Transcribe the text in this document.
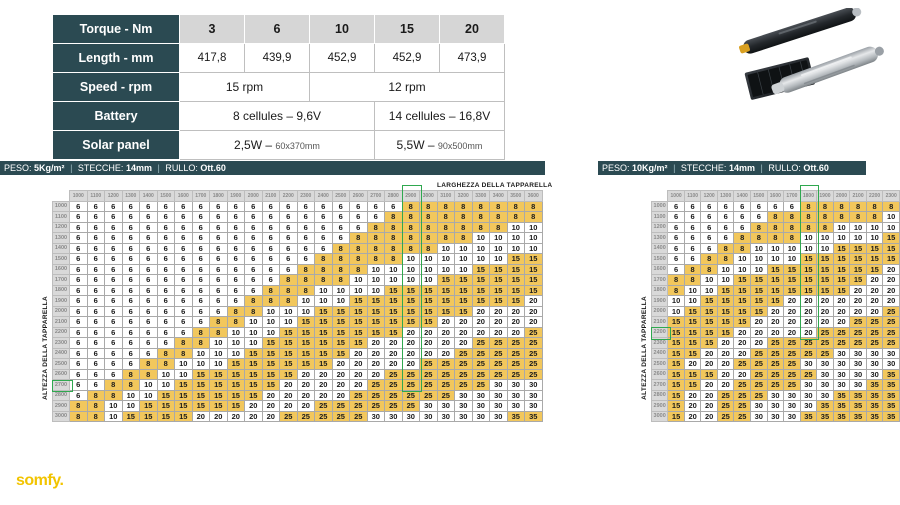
Torque - Nm	3	6	10	15	20
Length - mm	417,8	439,9	452,9	452,9	473,9
Speed - rpm	15 rpm		12 rpm		
Battery	8 cellules – 9,6V			14 cellules – 16,8V	
Solar panel	2,5W – 60x370mm			5,5W – 90x500mm	
PESO: 5Kg/m² | STECCHE: 14mm | RULLO: Ott.60	PESO: 10Kg/m² | STECCHE: 14mm | RULLO: Ott.60
ALTEZZA DELLA TAPPARELLA
LARGHEZZA DELLA TAPPARELLA
	1000	1100	1200	1300	1400	1500	1600	1700	1800	1900	2000	2100	2200	2300	2400	2500	2600	2700	2800	2900	3000	3100	3200	3300	3400	3500	3600
1000	6	6	6	6	6	6	6	6	6	6	6	6	6	6	6	6	6	6	6	8	8	8	8	8	8	8	8
1100	6	6	6	6	6	6	6	6	6	6	6	6	6	6	6	6	6	6	8	8	8	8	8	8	8	8	8
1200	6	6	6	6	6	6	6	6	6	6	6	6	6	6	6	6	6	8	8	8	8	8	8	8	8	10	10
1300	6	6	6	6	6	6	6	6	6	6	6	6	6	6	6	6	8	8	8	8	8	8	8	10	10	10	10
1400	6	6	6	6	6	6	6	6	6	6	6	6	6	6	6	8	8	8	8	8	8	10	10	10	10	10	10
1500	6	6	6	6	6	6	6	6	6	6	6	6	6	6	8	8	8	8	8	10	10	10	10	10	10	15	15
1600	6	6	6	6	6	6	6	6	6	6	6	6	6	8	8	8	8	10	10	10	10	10	10	15	15	15	15
1700	6	6	6	6	6	6	6	6	6	6	6	6	8	8	8	8	10	10	10	10	10	15	15	15	15	15	15
1800	6	6	6	6	6	6	6	6	6	6	6	8	8	8	10	10	10	10	15	15	15	15	15	15	15	15	15
1900	6	6	6	6	6	6	6	6	6	6	8	8	8	10	10	10	15	15	15	15	15	15	15	15	15	15	20
2000	6	6	6	6	6	6	6	6	6	8	8	10	10	10	15	15	15	15	15	15	15	15	15	20	20	20	20
2100	6	6	6	6	6	6	6	6	8	8	10	10	10	15	15	15	15	15	15	15	15	20	20	20	20	20	20
2200	6	6	6	6	6	6	6	8	8	10	10	10	15	15	15	15	15	15	15	20	20	20	20	20	20	20	25
2300	6	6	6	6	6	6	8	8	10	10	10	15	15	15	15	15	15	20	20	20	20	20	20	25	25	25	25
2400	6	6	6	6	6	8	8	10	10	10	15	15	15	15	15	15	20	20	20	20	20	20	25	25	25	25	25
2500	6	6	6	6	8	8	10	10	10	15	15	15	15	15	15	20	20	20	20	20	25	25	25	25	25	25	25
2600	6	6	6	8	8	10	10	15	15	15	15	15	15	20	20	20	20	20	25	25	25	25	25	25	25	25	25
2700	6	6	8	8	10	10	15	15	15	15	15	15	20	20	20	20	20	25	25	25	25	25	25	25	30	30	30
2800	6	8	8	10	10	15	15	15	15	15	15	20	20	20	20	20	25	25	25	25	25	25	30	30	30	30	30
2900	8	8	10	10	15	15	15	15	15	15	20	20	20	20	25	25	25	25	25	25	30	30	30	30	30	30	30
3000	8	8	10	15	15	15	15	20	20	20	20	20	25	25	25	25	25	30	30	30	30	30	30	30	30	35	35
ALTEZZA DELLA TAPPARELLA
	1000	1100	1200	1300	1400	1500	1600	1700	1800	1900	2000	2100	2200	2300
1000	6	6	6	6	6	6	6	6	8	8	8	8	8	8
1100	6	6	6	6	6	6	8	8	8	8	8	8	8	10
1200	6	6	6	6	6	8	8	8	8	8	10	10	10	10
1300	6	6	6	6	8	8	8	8	10	10	10	10	10	15
1400	6	6	6	8	8	10	10	10	10	10	15	15	15	15
1500	6	6	8	8	10	10	10	10	15	15	15	15	15	15
1600	6	8	8	10	10	10	15	15	15	15	15	15	15	20
1700	8	8	10	10	15	15	15	15	15	15	15	15	20	20
1800	8	10	10	15	15	15	15	15	15	15	15	20	20	20
1900	10	10	15	15	15	15	15	20	20	20	20	20	20	20
2000	10	15	15	15	15	15	20	20	20	20	20	20	20	25
2100	15	15	15	15	15	20	20	20	20	20	20	25	25	25
2200	15	15	15	15	20	20	20	20	20	25	25	25	25	25
2300	15	15	15	20	20	20	25	25	25	25	25	25	25	25
2400	15	15	20	20	20	25	25	25	25	25	30	30	30	30
2500	15	20	20	20	25	25	25	25	30	30	30	30	30	30
2600	15	15	15	20	20	25	25	25	25	30	30	30	30	35
2700	15	15	20	20	25	25	25	25	30	30	30	30	35	35
2800	15	20	20	25	25	25	30	30	30	30	35	35	35	35
2900	15	20	20	25	25	30	30	30	30	35	35	35	35	35
3000	15	20	20	25	25	30	30	30	35	35	35	35	35	35
somfy.
